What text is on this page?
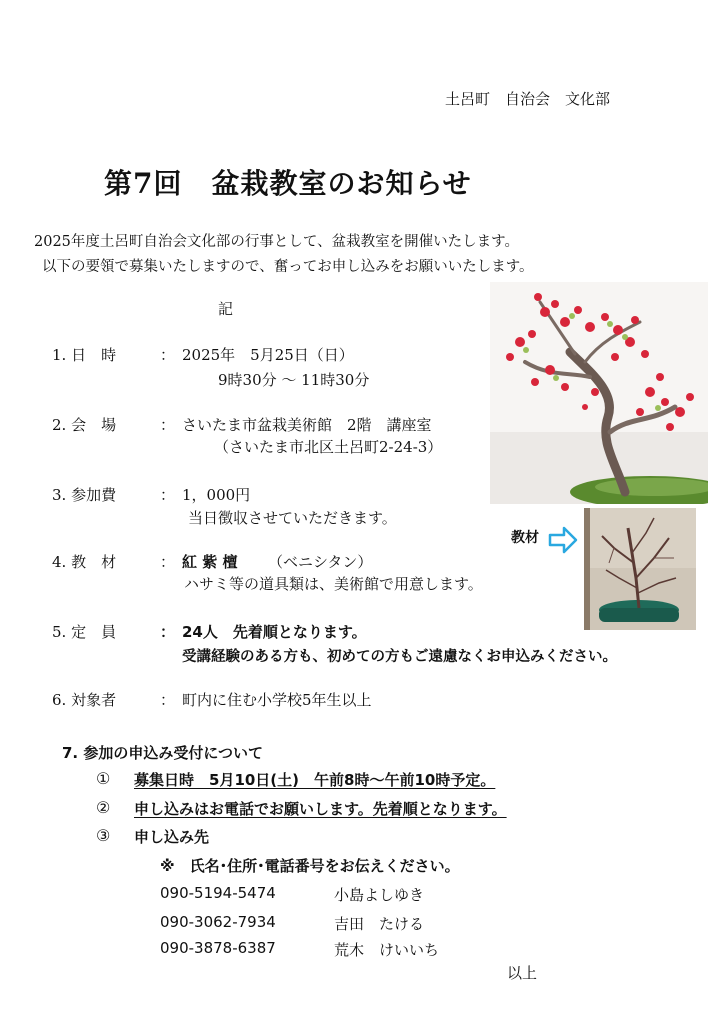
土呂町　自治会　文化部
第7回　盆栽教室のお知らせ
2025年度土呂町自治会文化部の行事として、盆栽教室を開催いたします。
以下の要領で募集いたしますので、奮ってお申し込みをお願いいたします。
記
1. 日　時	： 2025年　5月25日（日）
9時30分 〜 11時30分
2. 会　場	： さいたま市盆栽美術館　2階　講座室
（さいたま市北区土呂町2-24-3）
3. 参加費	： 1，000円
当日徴収させていただきます。
4. 教　材	： 紅 紫 檀 （ベニシタン）
ハサミ等の道具類は、美術館で用意します。
5. 定　員	： 24人　先着順となります。
受講経験のある方も、初めての方もご遠慮なくお申込みください。
6. 対象者	： 町内に住む小学校5年生以上
7. 参加の申込み受付について
① 募集日時　5月10日(土)　午前8時〜午前10時予定。
② 申し込みはお電話でお願いします。先着順となります。
③ 申し込み先
※　氏名･住所･電話番号をお伝えください。
090-5194-5474	小島よしゆき
090-3062-7934	吉田　たける
090-3878-6387	荒木　けいいち
以上
教材
